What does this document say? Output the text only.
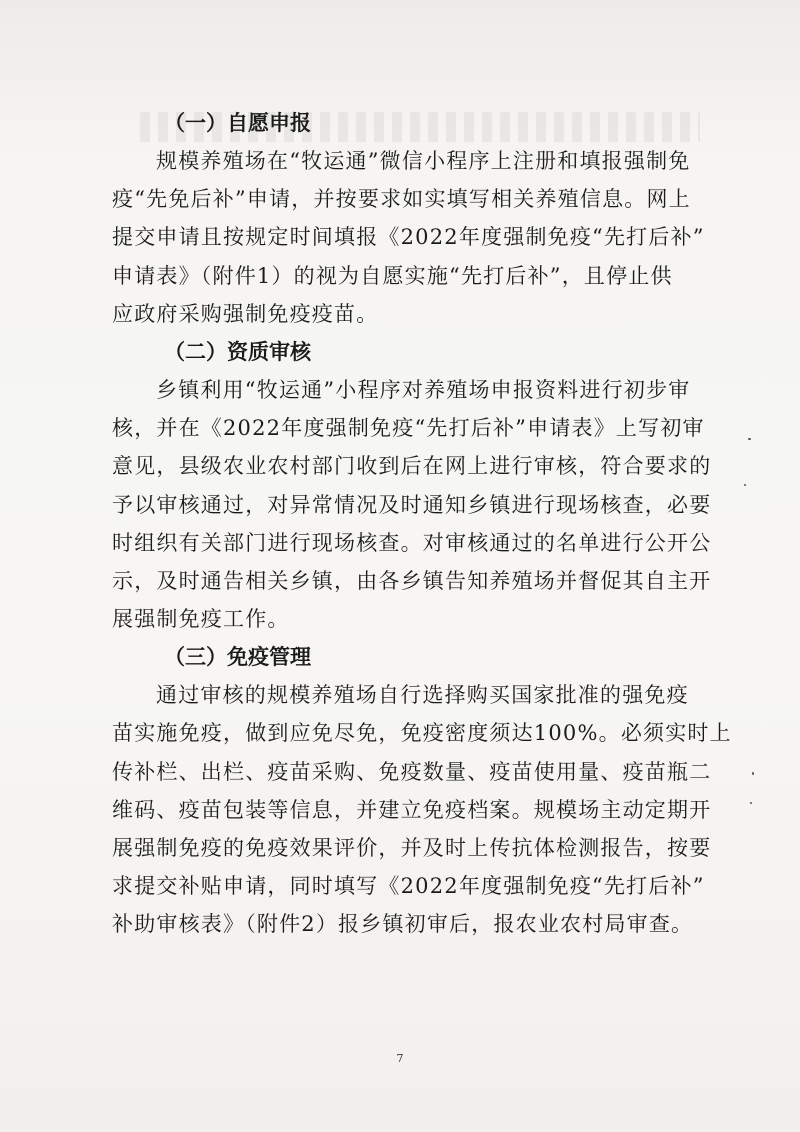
（一）自愿申报

规模养殖场在“牧运通”微信小程序上注册和填报强制免
疫“先免后补”申请，并按要求如实填写相关养殖信息。网上
提交申请且按规定时间填报《2022年度强制免疫“先打后补”
申请表》（附件1）的视为自愿实施“先打后补”，且停止供
应政府采购强制免疫疫苗。

（二）资质审核

乡镇利用“牧运通”小程序对养殖场申报资料进行初步审
核，并在《2022年度强制免疫“先打后补”申请表》上写初审
意见，县级农业农村部门收到后在网上进行审核，符合要求的
予以审核通过，对异常情况及时通知乡镇进行现场核查，必要
时组织有关部门进行现场核查。对审核通过的名单进行公开公
示，及时通告相关乡镇，由各乡镇告知养殖场并督促其自主开
展强制免疫工作。

（三）免疫管理

通过审核的规模养殖场自行选择购买国家批准的强免疫
苗实施免疫，做到应免尽免，免疫密度须达100%。必须实时上
传补栏、出栏、疫苗采购、免疫数量、疫苗使用量、疫苗瓶二
维码、疫苗包装等信息，并建立免疫档案。规模场主动定期开
展强制免疫的免疫效果评价，并及时上传抗体检测报告，按要
求提交补贴申请，同时填写《2022年度强制免疫“先打后补”
补助审核表》（附件2）报乡镇初审后，报农业农村局审查。

7
